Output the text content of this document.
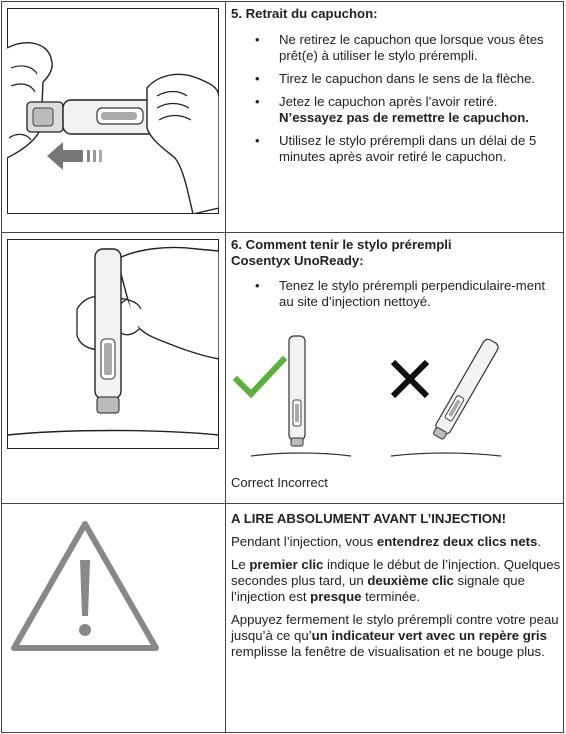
5. Retrait du capuchon:
• Ne retirez le capuchon que lorsque vous êtes prêt(e) à utiliser le stylo prérempli.
• Tirez le capuchon dans le sens de la flèche.
• Jetez le capuchon après l’avoir retiré. N’essayez pas de remettre le capuchon.
• Utilisez le stylo prérempli dans un délai de 5 minutes après avoir retiré le capuchon.
6. Comment tenir le stylo prérempli
Cosentyx UnoReady:
• Tenez le stylo prérempli perpendiculaire-ment au site d’injection nettoyé.
Correct Incorrect

A LIRE ABSOLUMENT AVANT L’INJECTION!

Pendant l’injection, vous entendrez deux clics nets.

Le premier clic indique le début de l’injection. Quelques secondes plus tard, un deuxième clic signale que l’injection est presque terminée.

Appuyez fermement le stylo prérempli contre votre peau jusqu’à ce qu’un indicateur vert avec un repère gris remplisse la fenêtre de visualisation et ne bouge plus.
